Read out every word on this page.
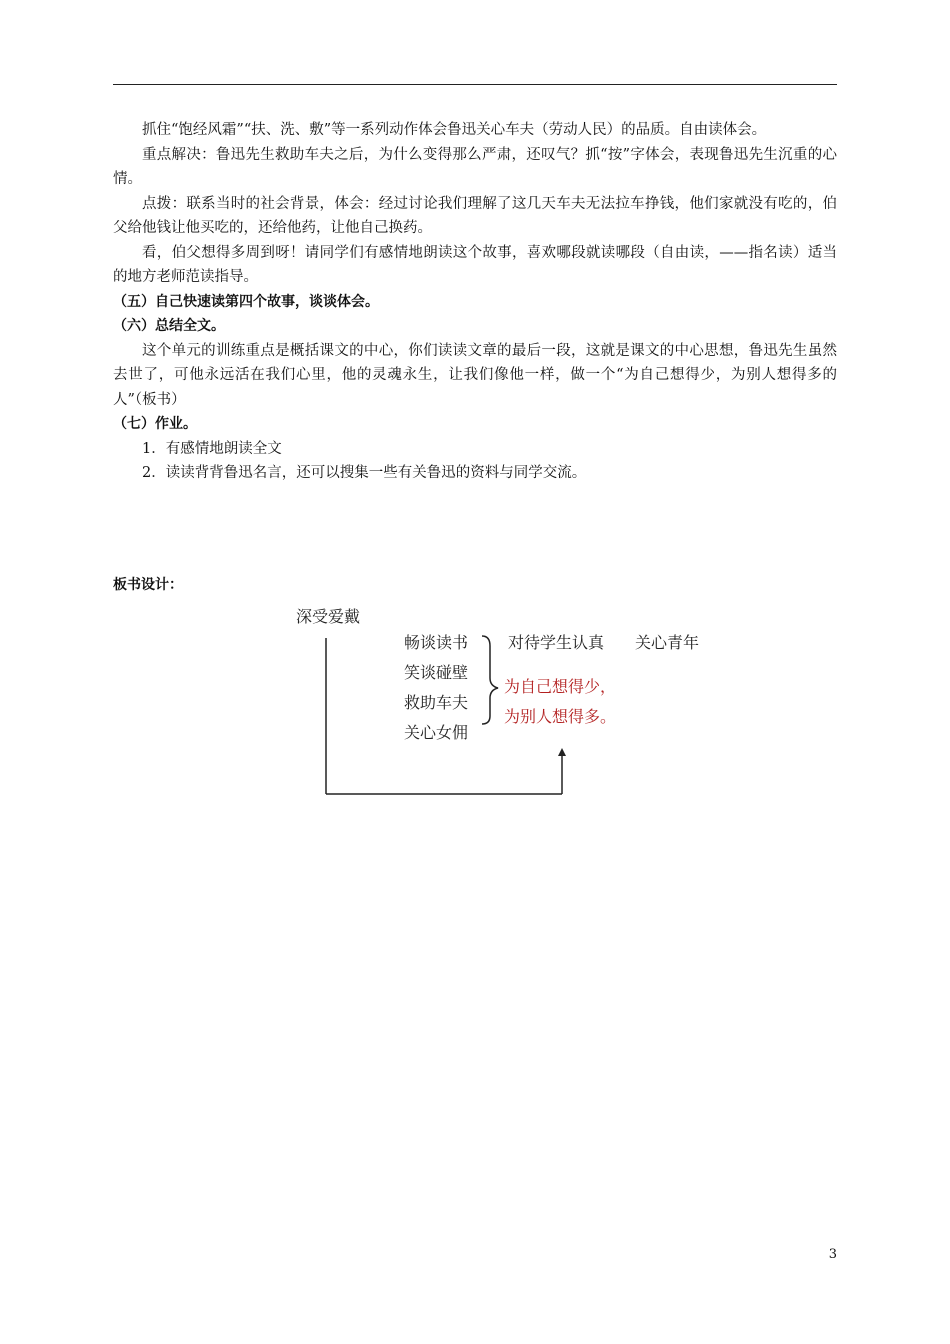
抓住“饱经风霜”“扶、洗、敷”等一系列动作体会鲁迅关心车夫（劳动人民）的品质。自由读体会。

重点解决：鲁迅先生救助车夫之后，为什么变得那么严肃，还叹气？抓“按”字体会，表现鲁迅先生沉重的心情。

点拨：联系当时的社会背景，体会：经过讨论我们理解了这几天车夫无法拉车挣钱，他们家就没有吃的，伯父给他钱让他买吃的，还给他药，让他自己换药。

看，伯父想得多周到呀！请同学们有感情地朗读这个故事，喜欢哪段就读哪段（自由读，——指名读）适当的地方老师范读指导。

（五）自己快速读第四个故事，谈谈体会。

（六）总结全文。

这个单元的训练重点是概括课文的中心，你们读读文章的最后一段，这就是课文的中心思想，鲁迅先生虽然去世了，可他永远活在我们心里，他的灵魂永生，让我们像他一样，做一个“为自己想得少，为别人想得多的人”（板书）

（七）作业。

1．有感情地朗读全文

2．读读背背鲁迅名言，还可以搜集一些有关鲁迅的资料与同学交流。

板书设计：
深受爱戴
畅谈读书
笑谈碰壁
救助车夫
关心女佣
对待学生认真 关心青年
为自己想得少，
为别人想得多。
3
